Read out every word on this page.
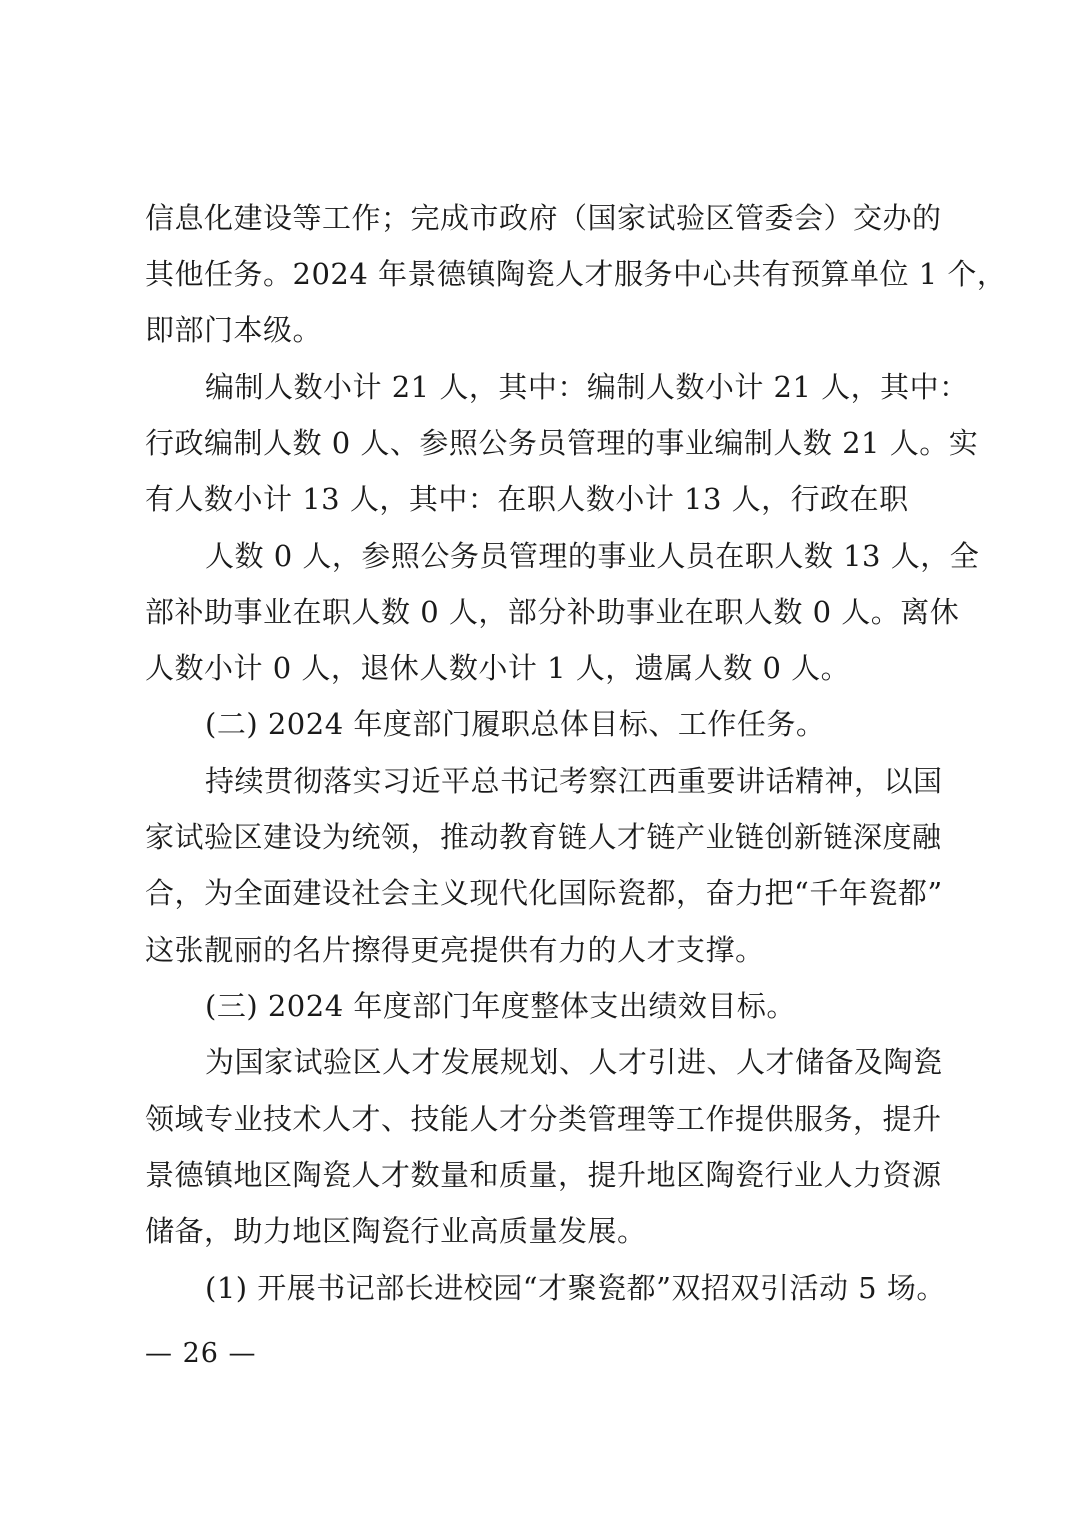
信息化建设等工作；完成市政府（国家试验区管委会）交办的
其他任务。2024 年景德镇陶瓷人才服务中心共有预算单位 1 个，
即部门本级。
编制人数小计 21 人，其中：编制人数小计 21 人，其中：
行政编制人数 0 人、参照公务员管理的事业编制人数 21 人。实
有人数小计 13 人，其中：在职人数小计 13 人，行政在职
人数 0 人，参照公务员管理的事业人员在职人数 13 人，全
部补助事业在职人数 0 人，部分补助事业在职人数 0 人。离休
人数小计 0 人，退休人数小计 1 人，遗属人数 0 人。
(二) 2024 年度部门履职总体目标、工作任务。
持续贯彻落实习近平总书记考察江西重要讲话精神，以国
家试验区建设为统领，推动教育链人才链产业链创新链深度融
合，为全面建设社会主义现代化国际瓷都，奋力把“千年瓷都”
这张靓丽的名片擦得更亮提供有力的人才支撑。
(三) 2024 年度部门年度整体支出绩效目标。
为国家试验区人才发展规划、人才引进、人才储备及陶瓷
领域专业技术人才、技能人才分类管理等工作提供服务，提升
景德镇地区陶瓷人才数量和质量，提升地区陶瓷行业人力资源
储备，助力地区陶瓷行业高质量发展。
(1) 开展书记部长进校园“才聚瓷都”双招双引活动 5 场。
— 26 —
